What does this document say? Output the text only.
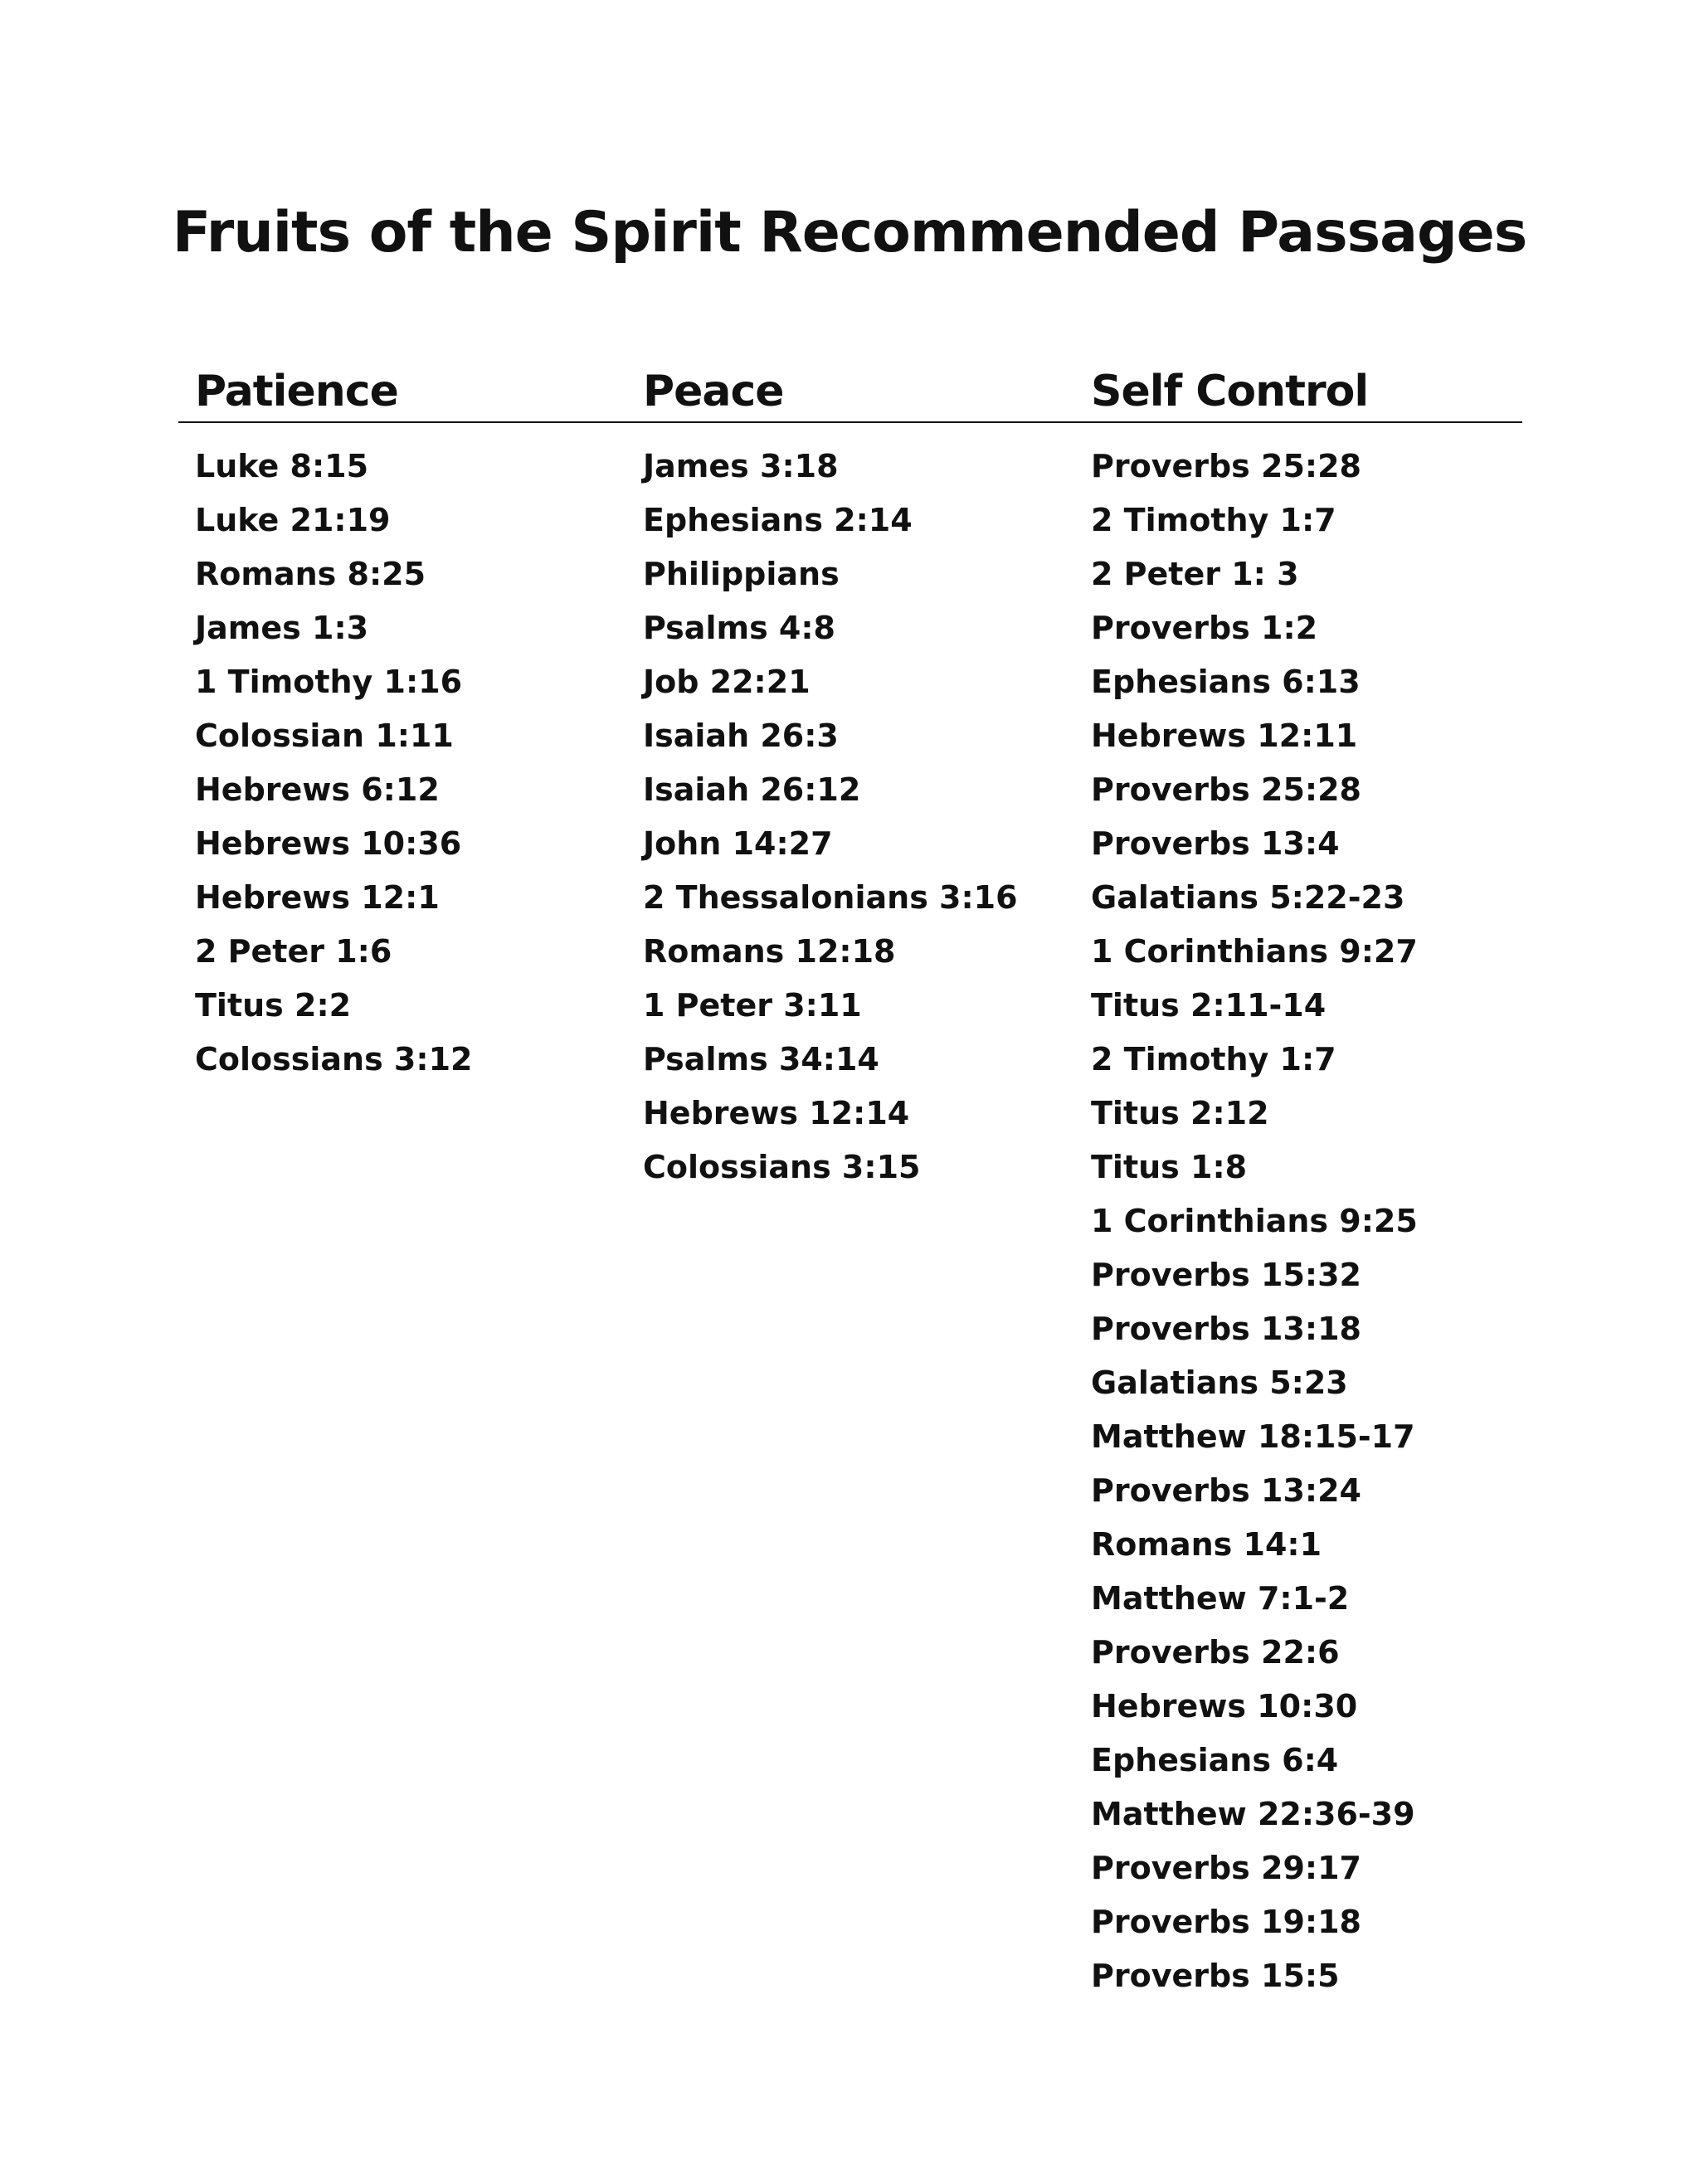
Fruits of the Spirit Recommended Passages
Patience	Peace	Self Control
Luke 8:15
Luke 21:19
Romans 8:25
James 1:3
1 Timothy 1:16
Colossian 1:11
Hebrews 6:12
Hebrews 10:36
Hebrews 12:1
2 Peter 1:6
Titus 2:2
Colossians 3:12
James 3:18
Ephesians 2:14
Philippians
Psalms 4:8
Job 22:21
Isaiah 26:3
Isaiah 26:12
John 14:27
2 Thessalonians 3:16
Romans 12:18
1 Peter 3:11
Psalms 34:14
Hebrews 12:14
Colossians 3:15
Proverbs 25:28
2 Timothy 1:7
2 Peter 1: 3
Proverbs 1:2
Ephesians 6:13
Hebrews 12:11
Proverbs 25:28
Proverbs 13:4
Galatians 5:22-23
1 Corinthians 9:27
Titus 2:11-14
2 Timothy 1:7
Titus 2:12
Titus 1:8
1 Corinthians 9:25
Proverbs 15:32
Proverbs 13:18
Galatians 5:23
Matthew 18:15-17
Proverbs 13:24
Romans 14:1
Matthew 7:1-2
Proverbs 22:6
Hebrews 10:30
Ephesians 6:4
Matthew 22:36-39
Proverbs 29:17
Proverbs 19:18
Proverbs 15:5
